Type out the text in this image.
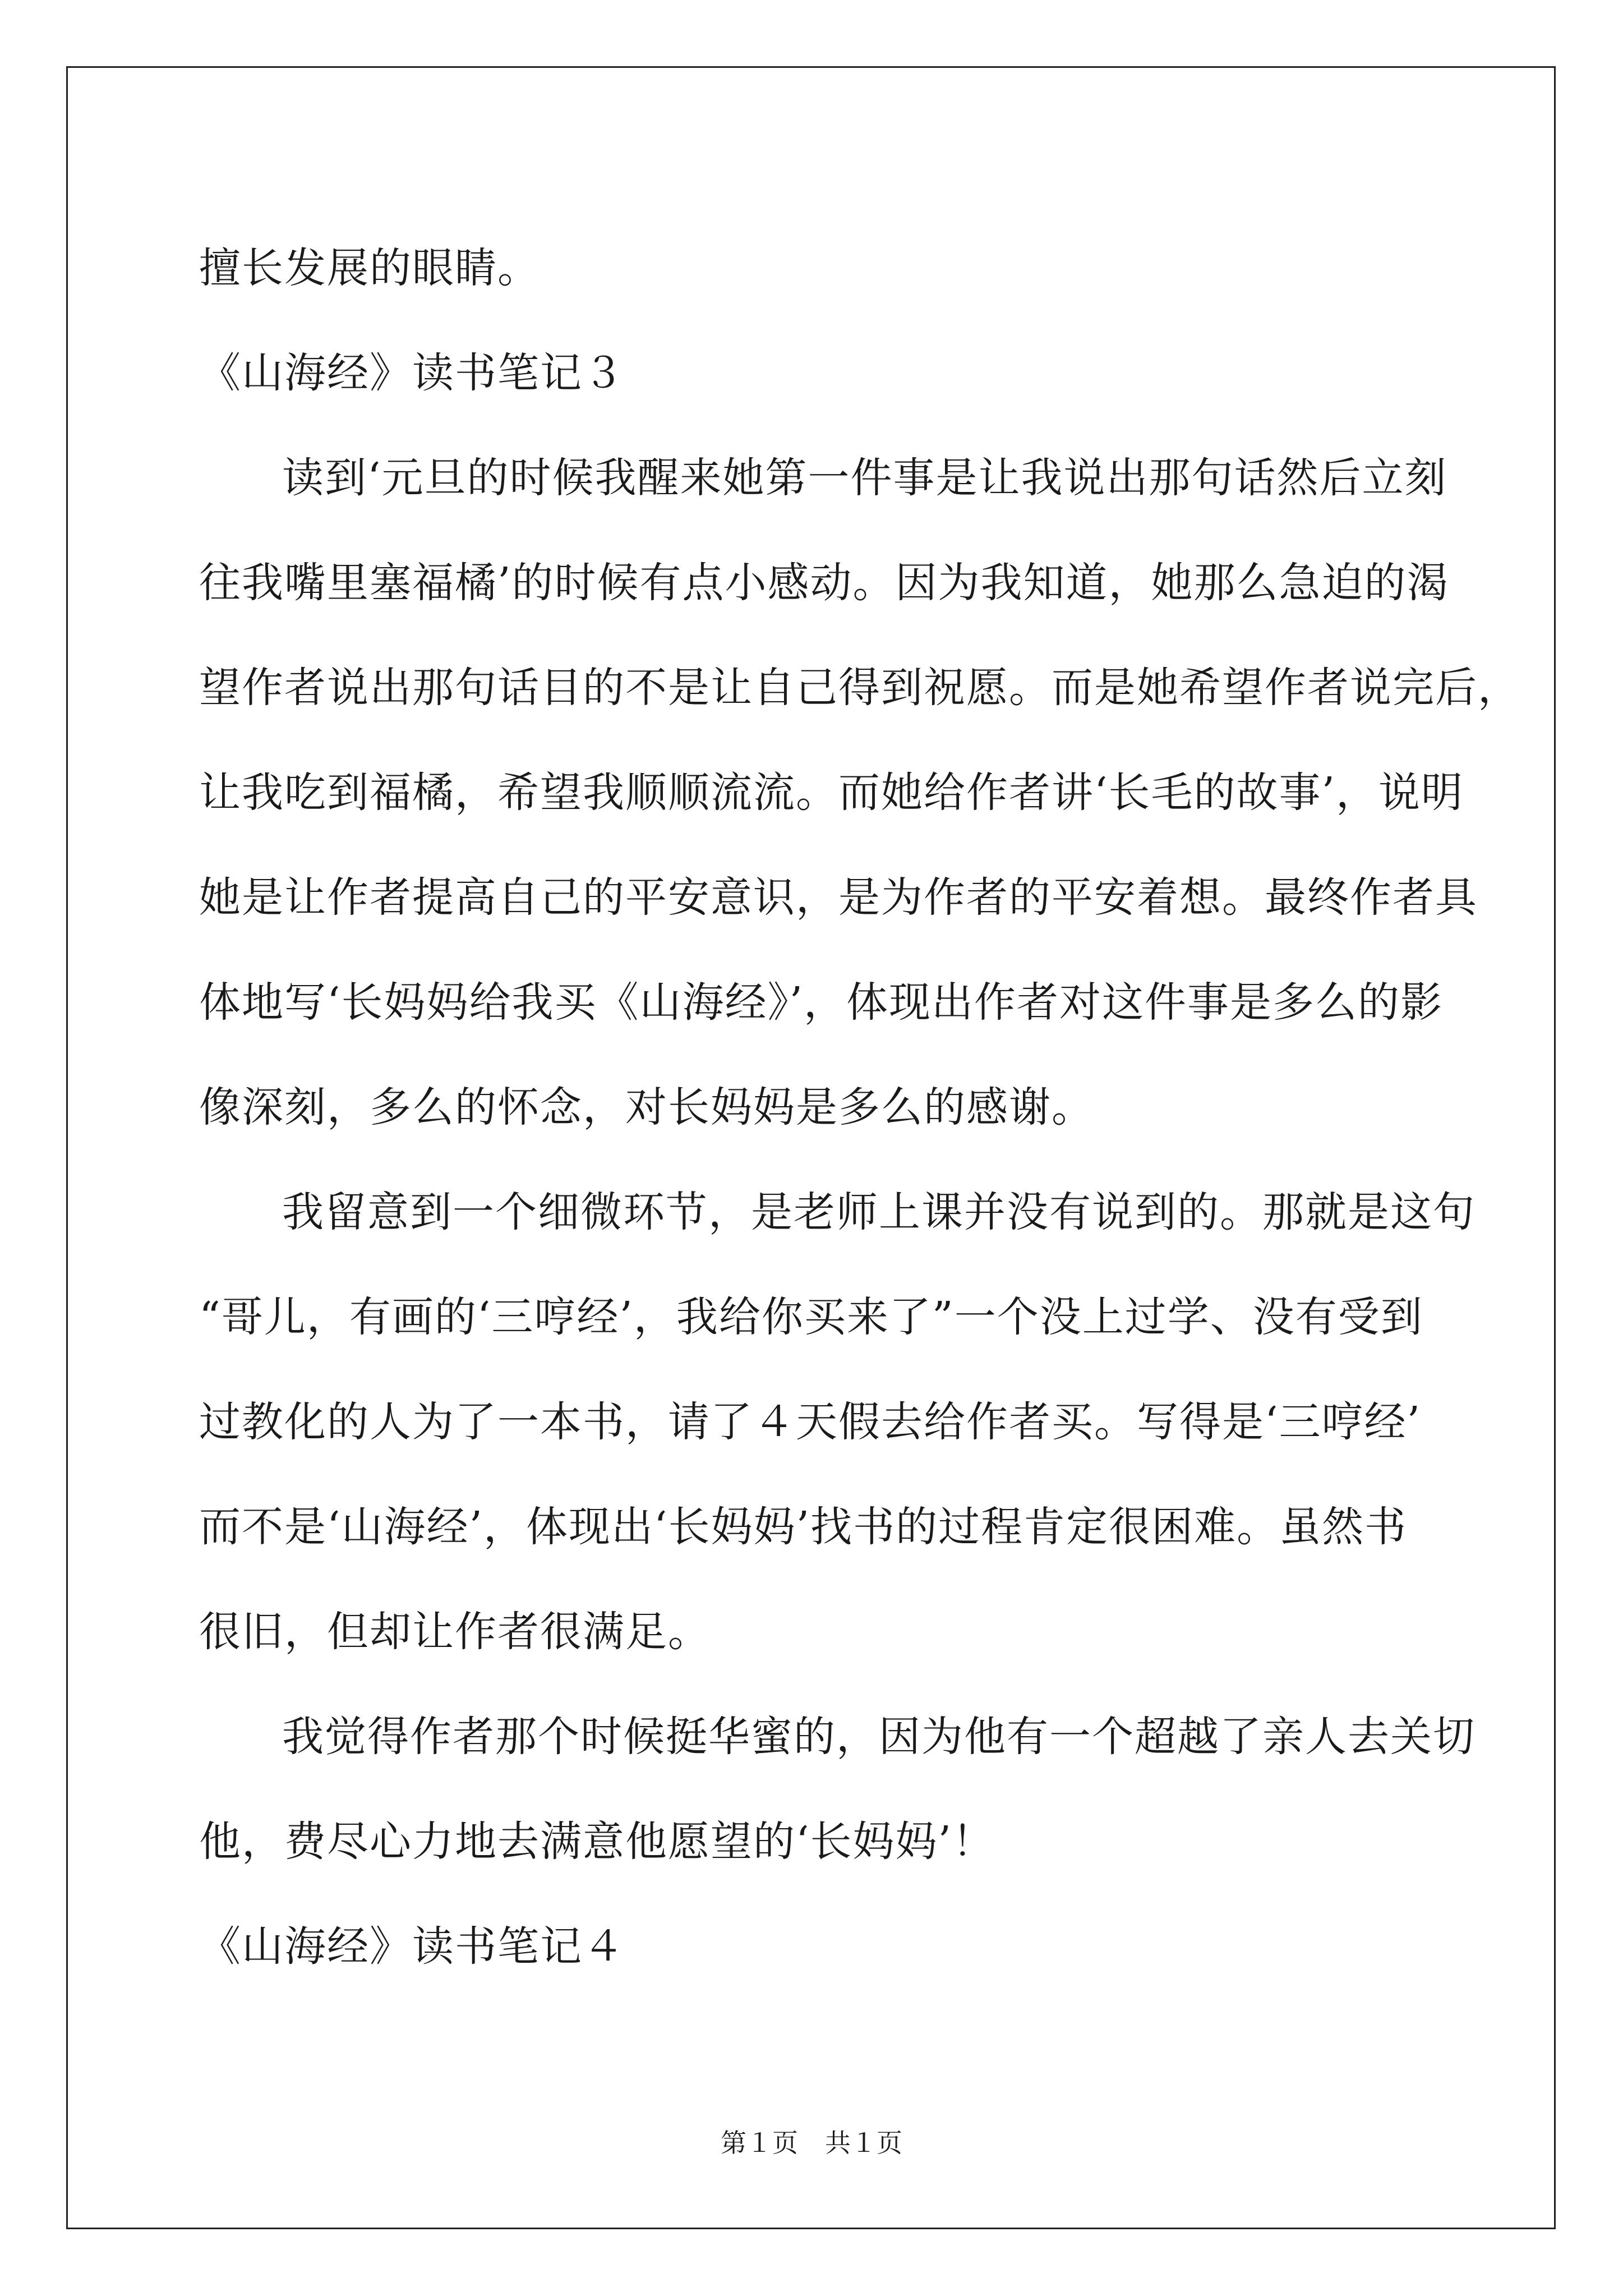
擅长发展的眼睛。
《山海经》读书笔记３
读到‘元旦的时候我醒来她第一件事是让我说出那句话然后立刻
往我嘴里塞福橘’的时候有点小感动。因为我知道，她那么急迫的渴
望作者说出那句话目的不是让自己得到祝愿。而是她希望作者说完后，
让我吃到福橘，希望我顺顺流流。而她给作者讲‘长毛的故事’，说明
她是让作者提高自己的平安意识，是为作者的平安着想。最终作者具
体地写‘长妈妈给我买《山海经》’，体现出作者对这件事是多么的影
像深刻，多么的怀念，对长妈妈是多么的感谢。
我留意到一个细微环节，是老师上课并没有说到的。那就是这句
“哥儿，有画的‘三哼经’，我给你买来了”一个没上过学、没有受到
过教化的人为了一本书，请了４天假去给作者买。写得是‘三哼经’
而不是‘山海经’，体现出‘长妈妈’找书的过程肯定很困难。虽然书
很旧，但却让作者很满足。
我觉得作者那个时候挺华蜜的，因为他有一个超越了亲人去关切
他，费尽心力地去满意他愿望的‘长妈妈’！
《山海经》读书笔记４
第１页 共１页
